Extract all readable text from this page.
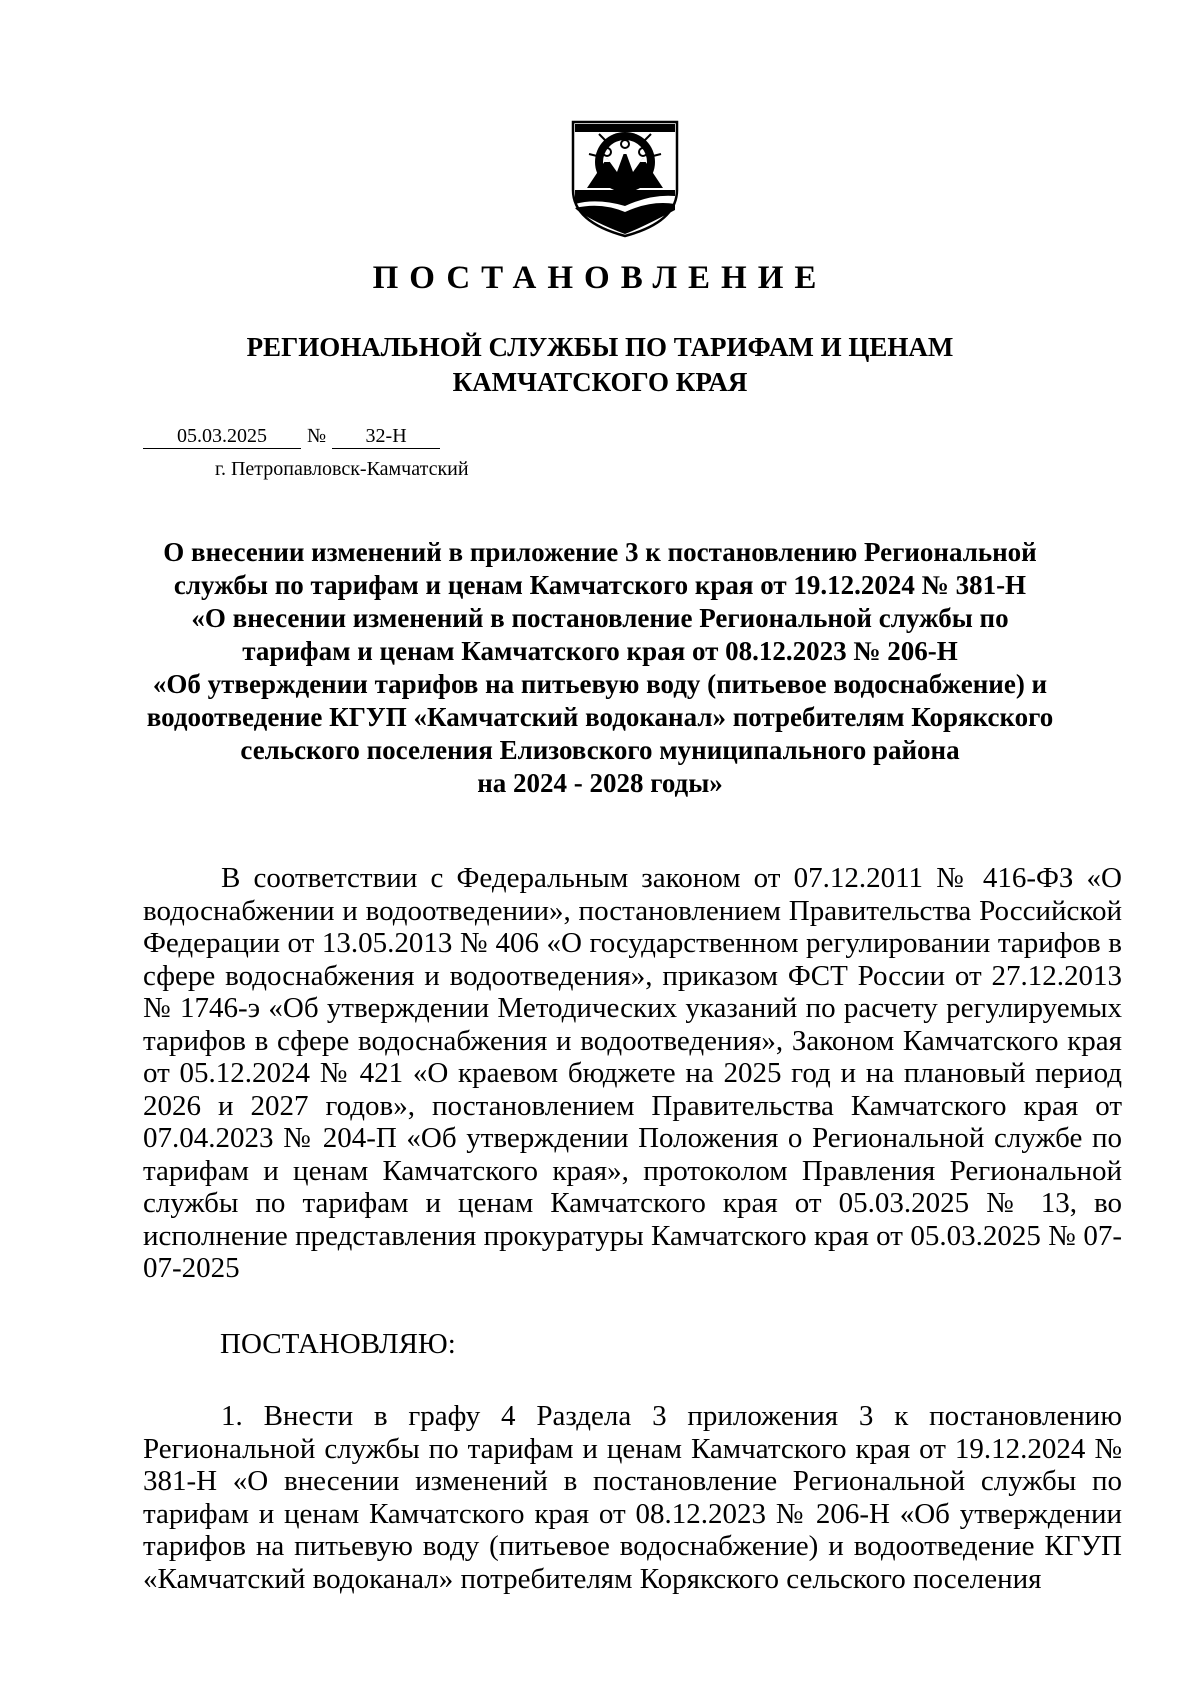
ПОСТАНОВЛЕНИЕ
РЕГИОНАЛЬНОЙ СЛУЖБЫ ПО ТАРИФАМ И ЦЕНАМ
КАМЧАТСКОГО КРАЯ
05.03.2025 № 32-Н
г. Петропавловск-Камчатский
О внесении изменений в приложение 3 к постановлению Региональной
службы по тарифам и ценам Камчатского края от 19.12.2024 № 381-Н
«О внесении изменений в постановление Региональной службы по
тарифам и ценам Камчатского края от 08.12.2023 № 206-Н
«Об утверждении тарифов на питьевую воду (питьевое водоснабжение) и
водоотведение КГУП «Камчатский водоканал» потребителям Корякского
сельского поселения Елизовского муниципального района
на 2024 - 2028 годы»
В соответствии с Федеральным законом от 07.12.2011 № 416-ФЗ «О водоснабжении и водоотведении», постановлением Правительства Российской Федерации от 13.05.2013 № 406 «О государственном регулировании тарифов в сфере водоснабжения и водоотведения», приказом ФСТ России от 27.12.2013 № 1746-э «Об утверждении Методических указаний по расчету регулируемых тарифов в сфере водоснабжения и водоотведения», Законом Камчатского края от 05.12.2024 № 421 «О краевом бюджете на 2025 год и на плановый период 2026 и 2027 годов», постановлением Правительства Камчатского края от 07.04.2023 № 204-П «Об утверждении Положения о Региональной службе по тарифам и ценам Камчатского края», протоколом Правления Региональной службы по тарифам и ценам Камчатского края от 05.03.2025 № 13, во исполнение представления прокуратуры Камчатского края от 05.03.2025 № 07-07-2025
ПОСТАНОВЛЯЮ:
1. Внести в графу 4 Раздела 3 приложения 3 к постановлению Региональной службы по тарифам и ценам Камчатского края от 19.12.2024 № 381-Н «О внесении изменений в постановление Региональной службы по тарифам и ценам Камчатского края от 08.12.2023 № 206-Н «Об утверждении тарифов на питьевую воду (питьевое водоснабжение) и водоотведение КГУП «Камчатский водоканал» потребителям Корякского сельского поселения
